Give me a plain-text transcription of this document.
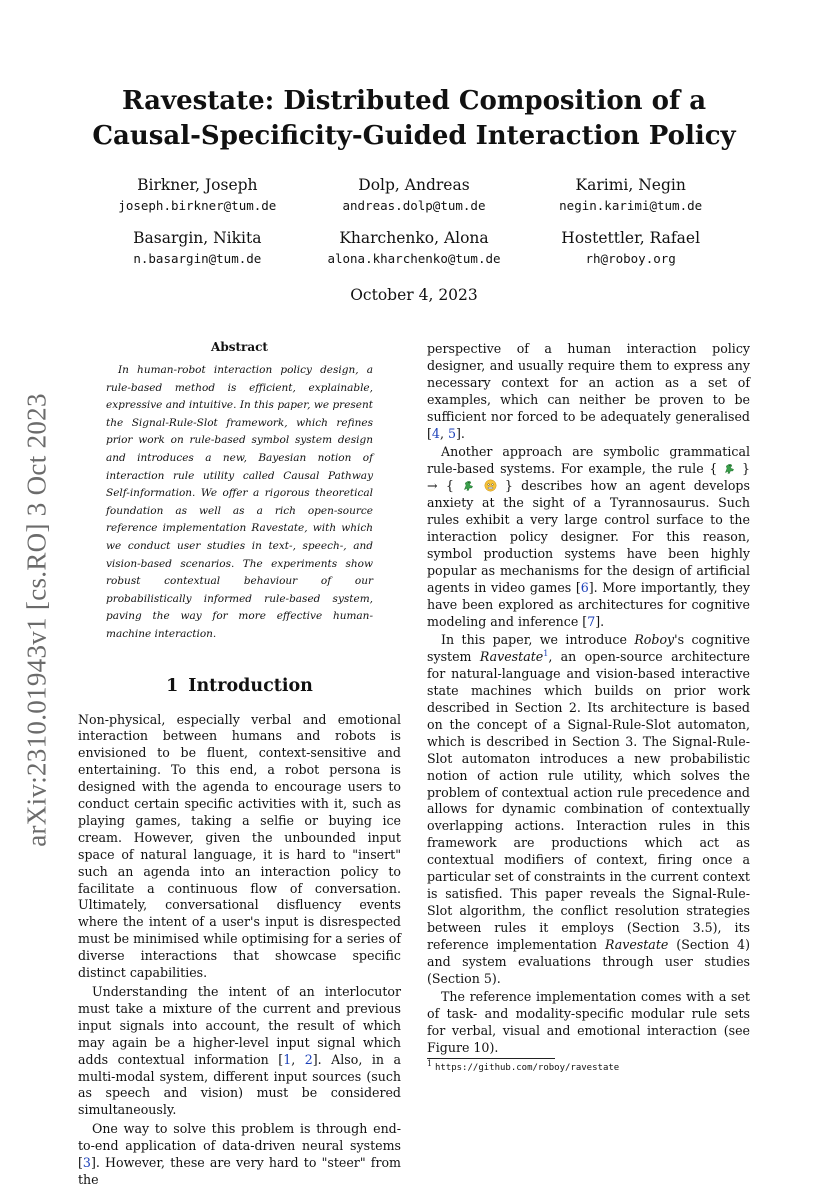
arXiv:2310.01943v1 [cs.RO] 3 Oct 2023
Ravestate: Distributed Composition of a
Causal-Specificity-Guided Interaction Policy
Birkner, Joseph
joseph.birkner@tum.de
Dolp, Andreas
andreas.dolp@tum.de
Karimi, Negin
negin.karimi@tum.de
Basargin, Nikita
n.basargin@tum.de
Kharchenko, Alona
alona.kharchenko@tum.de
Hostettler, Rafael
rh@roboy.org
October 4, 2023
Abstract

In human-robot interaction policy design, a rule-based method is efficient, explainable, expressive and intuitive. In this paper, we present the Signal-Rule-Slot framework, which refines prior work on rule-based symbol system design and introduces a new, Bayesian notion of interaction rule utility called Causal Pathway Self-information. We offer a rigorous theoretical foundation as well as a rich open-source reference implementation Ravestate, with which we conduct user studies in text-, speech-, and vision-based scenarios. The experiments show robust contextual behaviour of our probabilistically informed rule-based system, paving the way for more effective human-machine interaction.

1 Introduction

Non-physical, especially verbal and emotional interaction between humans and robots is envisioned to be fluent, context-sensitive and entertaining. To this end, a robot persona is designed with the agenda to encourage users to conduct certain specific activities with it, such as playing games, taking a selfie or buying ice cream. However, given the unbounded input space of natural language, it is hard to "insert" such an agenda into an interaction policy to facilitate a continuous flow of conversation. Ultimately, conversational disfluency events where the intent of a user's input is disrespected must be minimised while optimising for a series of diverse interactions that showcase specific distinct capabilities.

Understanding the intent of an interlocutor must take a mixture of the current and previous input signals into account, the result of which may again be a higher-level input signal which adds contextual information [1, 2]. Also, in a multi-modal system, different input sources (such as speech and vision) must be considered simultaneously.

One way to solve this problem is through end-to-end application of data-driven neural systems [3]. However, these are very hard to "steer" from the

perspective of a human interaction policy designer, and usually require them to express any necessary context for an action as a set of examples, which can neither be proven to be sufficient nor forced to be adequately generalised [4, 5].

Another approach are symbolic grammatical rule-based systems. For example, the rule { } → {	} describes how an agent develops anxiety at the sight of a Tyrannosaurus. Such rules exhibit a very large control surface to the interaction policy designer. For this reason, symbol production systems have been highly popular as mechanisms for the design of artificial agents in video games [6]. More importantly, they have been explored as architectures for cognitive modeling and inference [7].

In this paper, we introduce Roboy's cognitive system Ravestate$^1$, an open-source architecture for natural-language and vision-based interactive state machines which builds on prior work described in Section 2. Its architecture is based on the concept of a Signal-Rule-Slot automaton, which is described in Section 3. The Signal-Rule-Slot automaton introduces a new probabilistic notion of action rule utility, which solves the problem of contextual action rule precedence and allows for dynamic combination of contextually overlapping actions. Interaction rules in this framework are productions which act as contextual modifiers of context, firing once a particular set of constraints in the current context is satisfied. This paper reveals the Signal-Rule-Slot algorithm, the conflict resolution strategies between rules it employs (Section 3.5), its reference implementation Ravestate (Section 4) and system evaluations through user studies (Section 5).

The reference implementation comes with a set of task- and modality-specific modular rule sets for verbal, visual and emotional interaction (see Figure 10).

$^1$ https://github.com/roboy/ravestate
